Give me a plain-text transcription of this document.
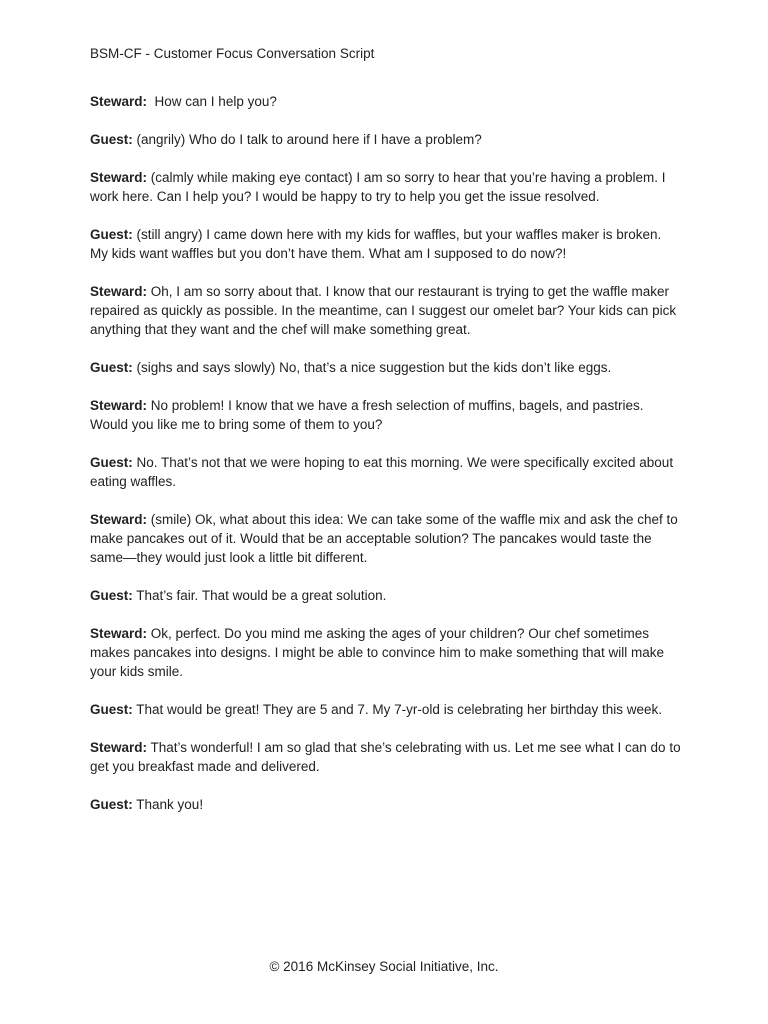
BSM-CF - Customer Focus Conversation Script

Steward: How can I help you?

Guest: (angrily) Who do I talk to around here if I have a problem?

Steward: (calmly while making eye contact) I am so sorry to hear that you’re having a problem. I work here. Can I help you? I would be happy to try to help you get the issue resolved.

Guest: (still angry) I came down here with my kids for waffles, but your waffles maker is broken. My kids want waffles but you don’t have them. What am I supposed to do now?!

Steward: Oh, I am so sorry about that. I know that our restaurant is trying to get the waffle maker repaired as quickly as possible. In the meantime, can I suggest our omelet bar? Your kids can pick anything that they want and the chef will make something great.

Guest: (sighs and says slowly) No, that’s a nice suggestion but the kids don’t like eggs.

Steward: No problem! I know that we have a fresh selection of muffins, bagels, and pastries. Would you like me to bring some of them to you?

Guest: No. That’s not that we were hoping to eat this morning. We were specifically excited about eating waffles.

Steward: (smile) Ok, what about this idea: We can take some of the waffle mix and ask the chef to make pancakes out of it. Would that be an acceptable solution? The pancakes would taste the same—they would just look a little bit different.

Guest: That’s fair. That would be a great solution.

Steward: Ok, perfect. Do you mind me asking the ages of your children? Our chef sometimes makes pancakes into designs. I might be able to convince him to make something that will make your kids smile.

Guest: That would be great! They are 5 and 7. My 7-yr-old is celebrating her birthday this week.

Steward: That’s wonderful! I am so glad that she’s celebrating with us. Let me see what I can do to get you breakfast made and delivered.

Guest: Thank you!

© 2016 McKinsey Social Initiative, Inc.
